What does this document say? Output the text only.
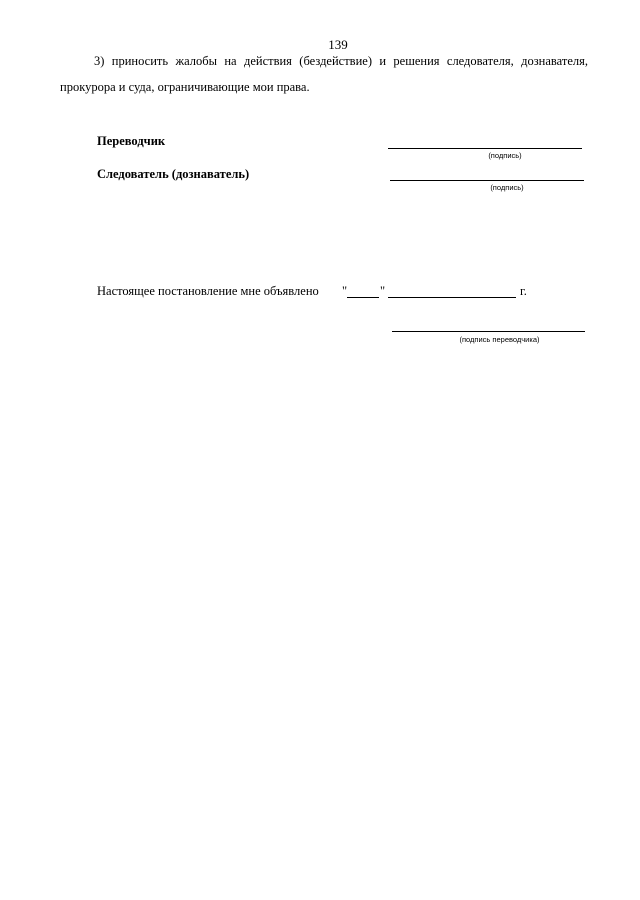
139
3) приносить жалобы на действия (бездействие) и решения следователя, дознавателя,
прокурора и суда, ограничивающие мои права.
Переводчик
(подпись)
Следователь (дознаватель)
(подпись)
Настоящее постановление мне объявлено "	"	г.
(подпись переводчика)
